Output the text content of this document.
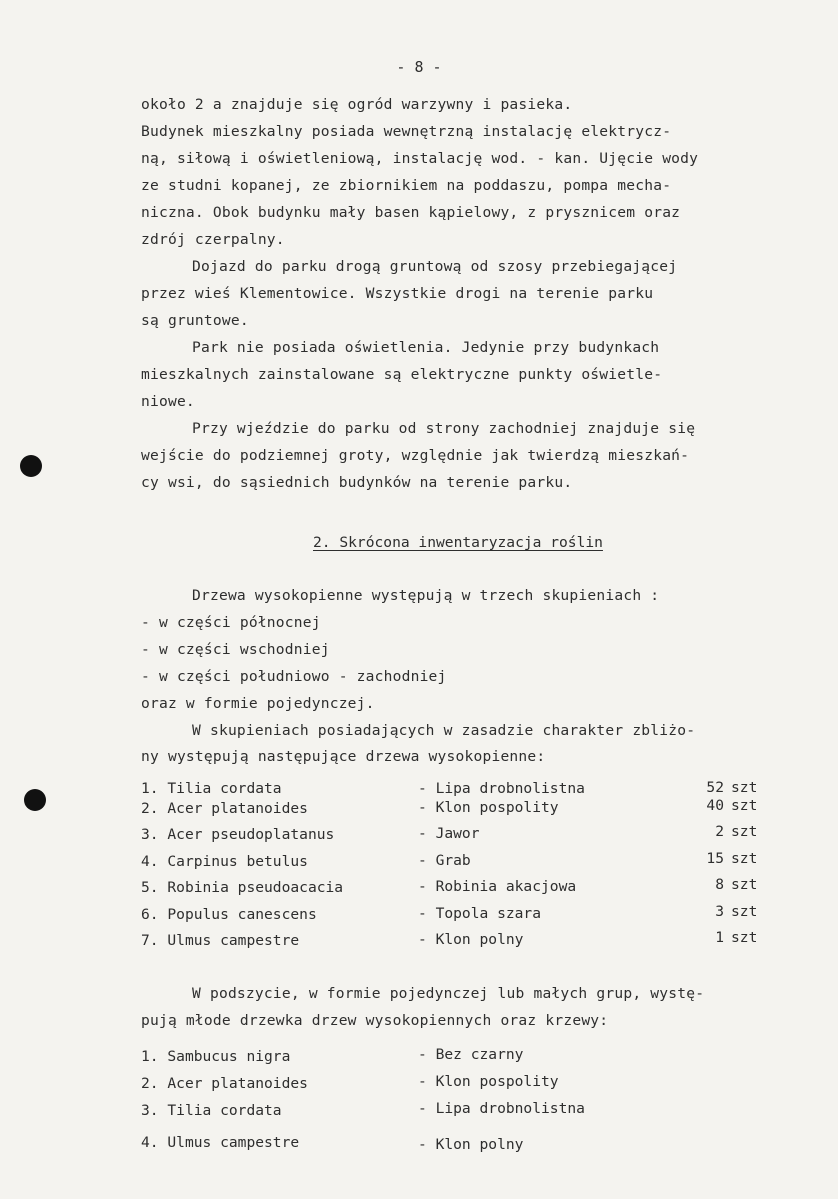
- 8 -
około 2 a znajduje się ogród warzywny i pasieka.
Budynek mieszkalny posiada wewnętrzną instalację elektrycz-
ną, siłową i oświetleniową, instalację wod. - kan. Ujęcie wody
ze studni kopanej, ze zbiornikiem na poddaszu, pompa mecha-
niczna. Obok budynku mały basen kąpielowy, z prysznicem oraz
zdrój czerpalny.
Dojazd do parku drogą gruntową od szosy przebiegającej
przez wieś Klementowice. Wszystkie drogi na terenie parku
są gruntowe.
Park nie posiada oświetlenia. Jedynie przy budynkach
mieszkalnych zainstalowane są elektryczne punkty oświetle-
niowe.
Przy wjeździe do parku od strony zachodniej znajduje się
wejście do podziemnej groty, względnie jak twierdzą mieszkań-
cy wsi, do sąsiednich budynków na terenie parku.
2. Skrócona inwentaryzacja roślin
Drzewa wysokopienne występują w trzech skupieniach :
- w części północnej
- w części wschodniej
- w części południowo - zachodniej
oraz w formie pojedynczej.
W skupieniach posiadających w zasadzie charakter zbliżo-
ny występują następujące drzewa wysokopienne:
1. Tilia cordata	- Lipa drobnolistna	52 szt
2. Acer platanoides	- Klon pospolity	40 szt
3. Acer pseudoplatanus	- Jawor	2 szt
4. Carpinus betulus	- Grab	15 szt
5. Robinia pseudoacacia	- Robinia akacjowa	8 szt
6. Populus canescens	- Topola szara	3 szt
7. Ulmus campestre	- Klon polny	1 szt
W podszycie, w formie pojedynczej lub małych grup, wystę-
pują młode drzewka drzew wysokopiennych oraz krzewy:
1. Sambucus nigra	- Bez czarny
2. Acer platanoides	- Klon pospolity
3. Tilia cordata	- Lipa drobnolistna
4. Ulmus campestre	- Klon polny
